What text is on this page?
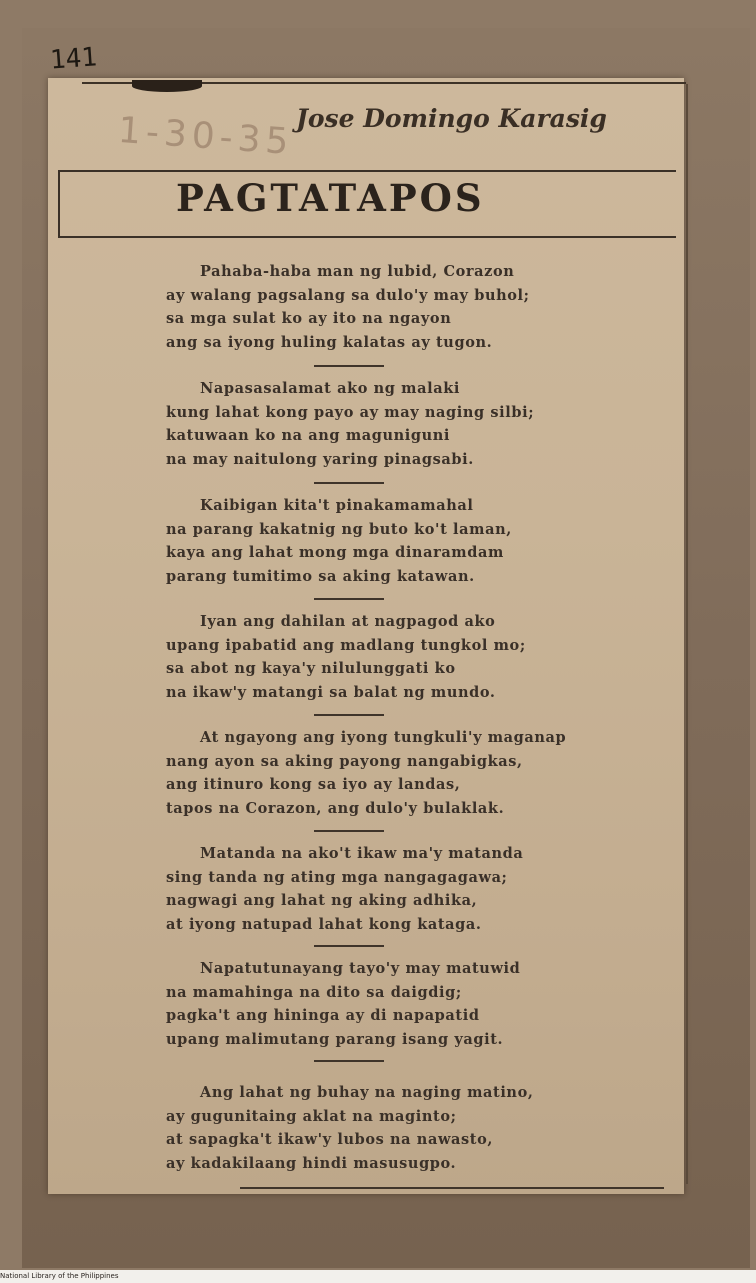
141
1-30-35 Jose Domingo Karasig
PAGTATAPOS
Pahaba-haba man ng lubid, Corazon
ay walang pagsalang sa dulo'y may buhol;
sa mga sulat ko ay ito na ngayon
ang sa iyong huling kalatas ay tugon.
Napasasalamat ako ng malaki
kung lahat kong payo ay may naging silbi;
katuwaan ko na ang maguniguni
na may naitulong yaring pinagsabi.
Kaibigan kita't pinakamamahal
na parang kakatnig ng buto ko't laman,
kaya ang lahat mong mga dinaramdam
parang tumitimo sa aking katawan.
Iyan ang dahilan at nagpagod ako
upang ipabatid ang madlang tungkol mo;
sa abot ng kaya'y nilulunggati ko
na ikaw'y matangi sa balat ng mundo.
At ngayong ang iyong tungkuli'y maganap
nang ayon sa aking payong nangabigkas,
ang itinuro kong sa iyo ay landas,
tapos na Corazon, ang dulo'y bulaklak.
Matanda na ako't ikaw ma'y matanda
sing tanda ng ating mga nangagagawa;
nagwagi ang lahat ng aking adhika,
at iyong natupad lahat kong kataga.
Napatutunayang tayo'y may matuwid
na mamahinga na dito sa daigdig;
pagka't ang hininga ay di napapatid
upang malimutang parang isang yagit.
Ang lahat ng buhay na naging matino,
ay gugunitaing aklat na maginto;
at sapagka't ikaw'y lubos na nawasto,
ay kadakilaang hindi masusugpo.
National Library of the Philippines
